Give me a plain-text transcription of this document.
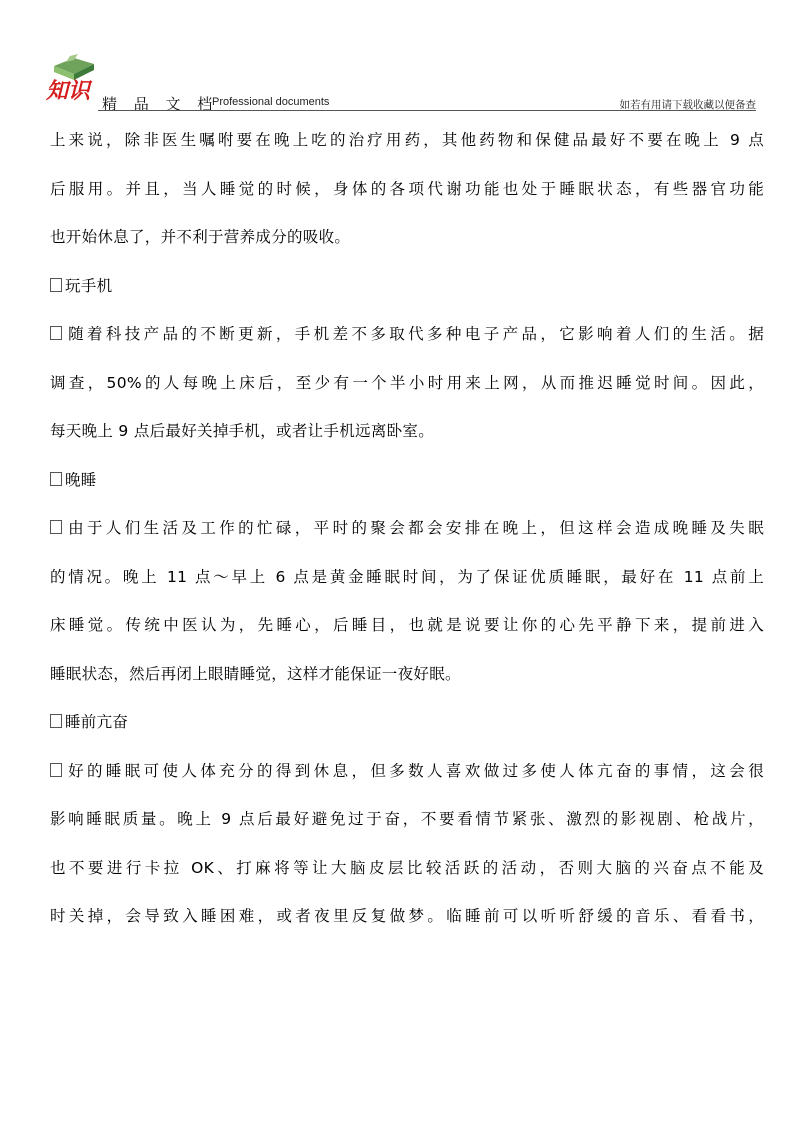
知识 精 品 文 档
Professional documents	如若有用请下载收藏以便备查
上来说，除非医生嘱咐要在晚上吃的治疗用药，其他药物和保健品最好不要在晚上 9 点
后服用。并且，当人睡觉的时候，身体的各项代谢功能也处于睡眠状态，有些器官功能
也开始休息了，并不利于营养成分的吸收。
玩手机
随着科技产品的不断更新，手机差不多取代多种电子产品，它影响着人们的生活。据
调查，50%的人每晚上床后，至少有一个半小时用来上网，从而推迟睡觉时间。因此，
每天晚上 9 点后最好关掉手机，或者让手机远离卧室。
晚睡
由于人们生活及工作的忙碌，平时的聚会都会安排在晚上，但这样会造成晚睡及失眠
的情况。晚上 11 点～早上 6 点是黄金睡眠时间，为了保证优质睡眠，最好在 11 点前上
床睡觉。传统中医认为，先睡心，后睡目，也就是说要让你的心先平静下来，提前进入
睡眠状态，然后再闭上眼睛睡觉，这样才能保证一夜好眠。
睡前亢奋
好的睡眠可使人体充分的得到休息，但多数人喜欢做过多使人体亢奋的事情，这会很
影响睡眠质量。晚上 9 点后最好避免过于奋，不要看情节紧张、激烈的影视剧、枪战片，
也不要进行卡拉 OK、打麻将等让大脑皮层比较活跃的活动，否则大脑的兴奋点不能及
时关掉，会导致入睡困难，或者夜里反复做梦。临睡前可以听听舒缓的音乐、看看书，
